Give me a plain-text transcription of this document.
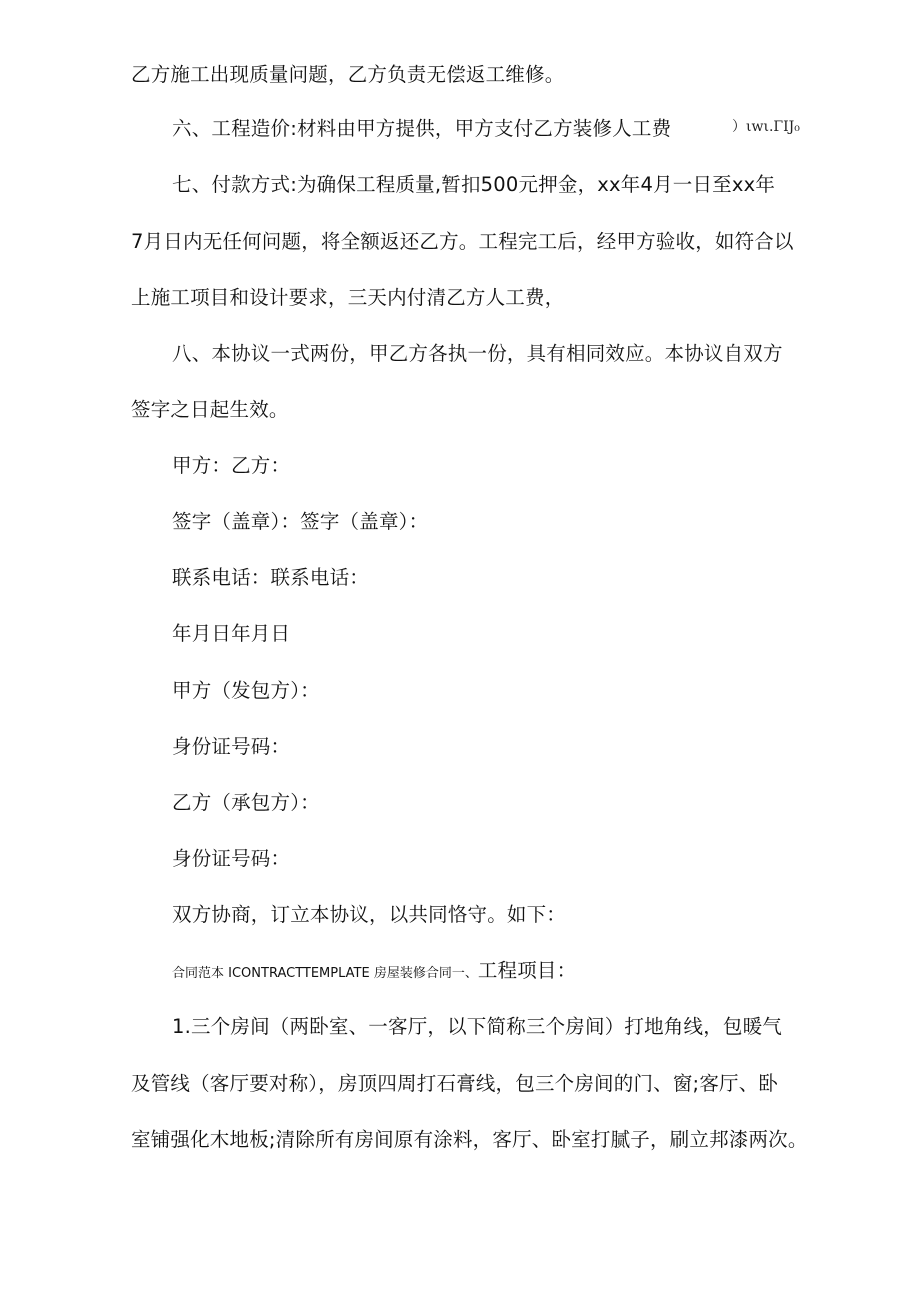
乙方施工出现质量问题，乙方负责无偿返工维修。
六、工程造价:材料由甲方提供，甲方支付乙方装修人工费	）ιwι.ΓΙJ₀
七、付款方式:为确保工程质量,暂扣500元押金，xx年4月一日至xx年
7月日内无任何问题，将全额返还乙方。工程完工后，经甲方验收，如符合以
上施工项目和设计要求，三天内付清乙方人工费，
八、本协议一式两份，甲乙方各执一份，具有相同效应。本协议自双方
签字之日起生效。
甲方：乙方：
签字（盖章）：签字（盖章）：
联系电话：联系电话：
年月日年月日
甲方（发包方）：
身份证号码：
乙方（承包方）：
身份证号码：
双方协商，订立本协议，以共同恪守。如下：
合同范本 ICONTRACTTEMPLATE 房屋装修合同一、工程项目：
1.三个房间（两卧室、一客厅，以下简称三个房间）打地角线，包暖气
及管线（客厅要对称），房顶四周打石膏线，包三个房间的门、窗;客厅、卧
室铺强化木地板;清除所有房间原有涂料，客厅、卧室打腻子，刷立邦漆两次。
